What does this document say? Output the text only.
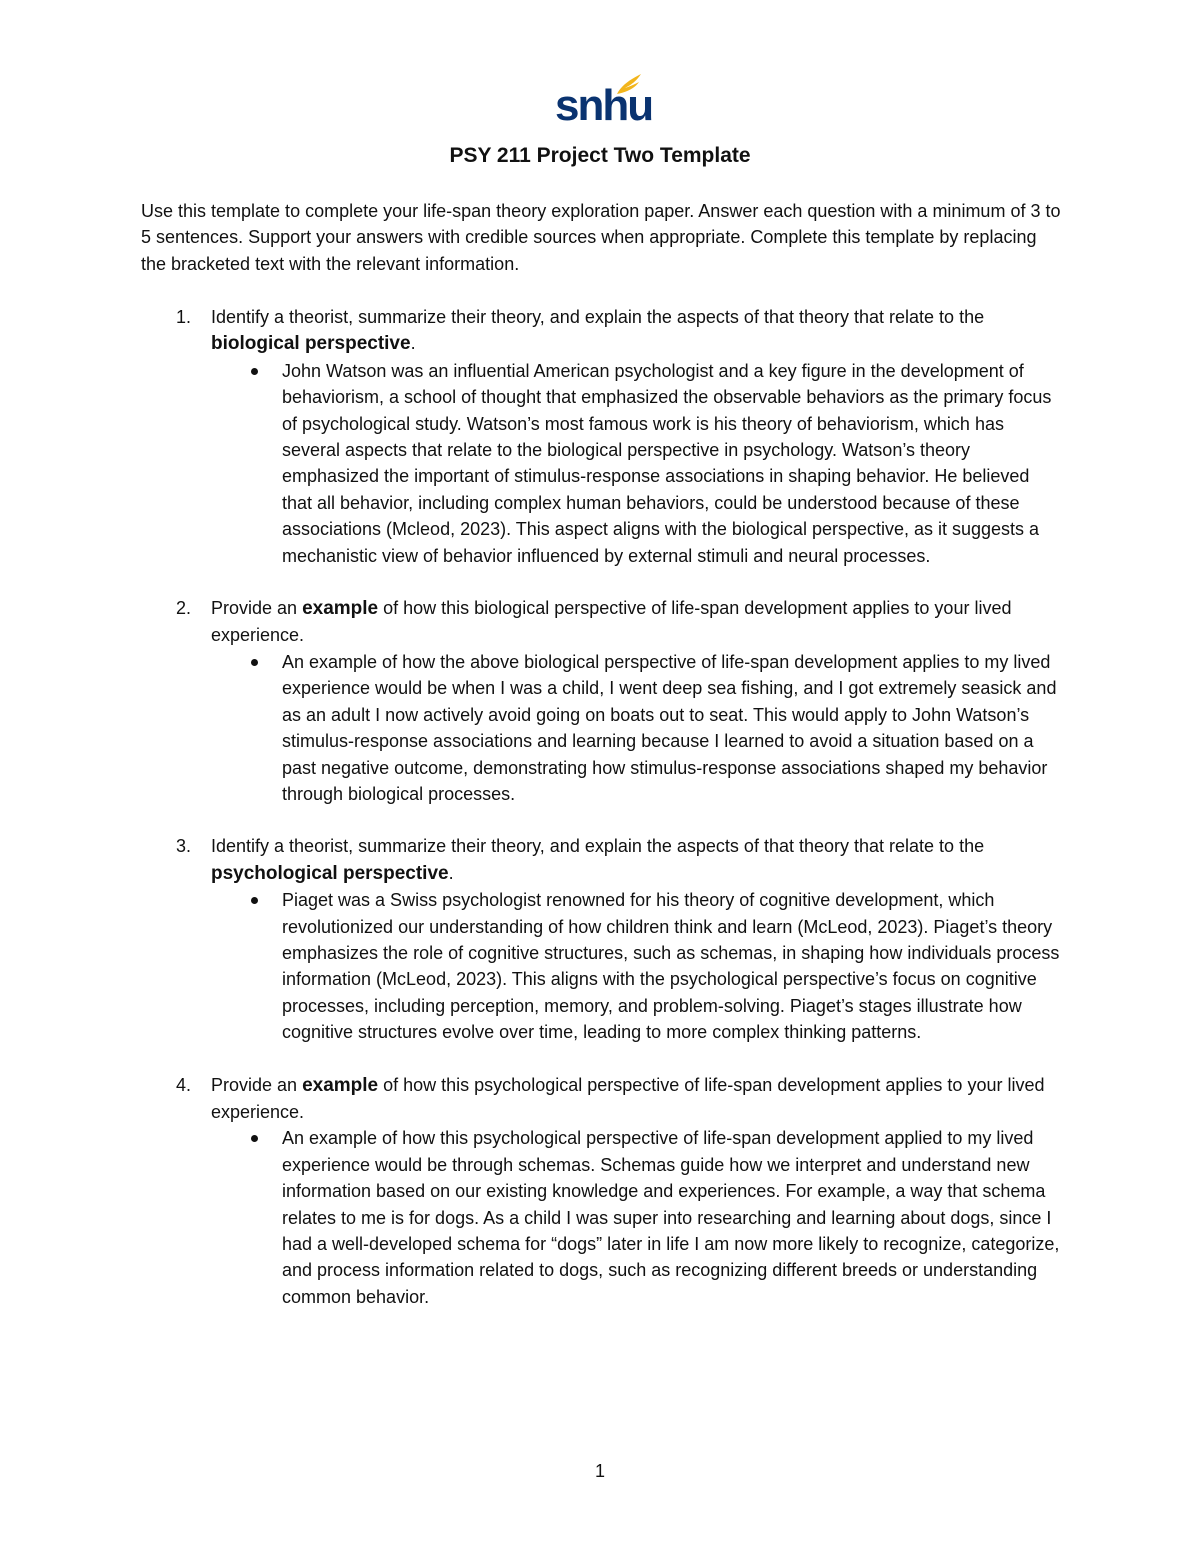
snhu
PSY 211 Project Two Template

Use this template to complete your life-span theory exploration paper. Answer each question with a minimum of 3 to 5 sentences. Support your answers with credible sources when appropriate. Complete this template by replacing the bracketed text with the relevant information.

1. Identify a theorist, summarize their theory, and explain the aspects of that theory that relate to the biological perspective.

John Watson was an influential American psychologist and a key figure in the development of behaviorism, a school of thought that emphasized the observable behaviors as the primary focus of psychological study. Watson’s most famous work is his theory of behaviorism, which has several aspects that relate to the biological perspective in psychology. Watson’s theory emphasized the important of stimulus-response associations in shaping behavior. He believed that all behavior, including complex human behaviors, could be understood because of these associations (Mcleod, 2023). This aspect aligns with the biological perspective, as it suggests a mechanistic view of behavior influenced by external stimuli and neural processes.

2. Provide an example of how this biological perspective of life-span development applies to your lived experience.

An example of how the above biological perspective of life-span development applies to my lived experience would be when I was a child, I went deep sea fishing, and I got extremely seasick and as an adult I now actively avoid going on boats out to seat. This would apply to John Watson’s stimulus-response associations and learning because I learned to avoid a situation based on a past negative outcome, demonstrating how stimulus-response associations shaped my behavior through biological processes.

3. Identify a theorist, summarize their theory, and explain the aspects of that theory that relate to the psychological perspective.

Piaget was a Swiss psychologist renowned for his theory of cognitive development, which revolutionized our understanding of how children think and learn (McLeod, 2023). Piaget’s theory emphasizes the role of cognitive structures, such as schemas, in shaping how individuals process information (McLeod, 2023). This aligns with the psychological perspective’s focus on cognitive processes, including perception, memory, and problem-solving. Piaget’s stages illustrate how cognitive structures evolve over time, leading to more complex thinking patterns.

4. Provide an example of how this psychological perspective of life-span development applies to your lived experience.

An example of how this psychological perspective of life-span development applied to my lived experience would be through schemas. Schemas guide how we interpret and understand new information based on our existing knowledge and experiences. For example, a way that schema relates to me is for dogs. As a child I was super into researching and learning about dogs, since I had a well-developed schema for “dogs” later in life I am now more likely to recognize, categorize, and process information related to dogs, such as recognizing different breeds or understanding common behavior.

1
